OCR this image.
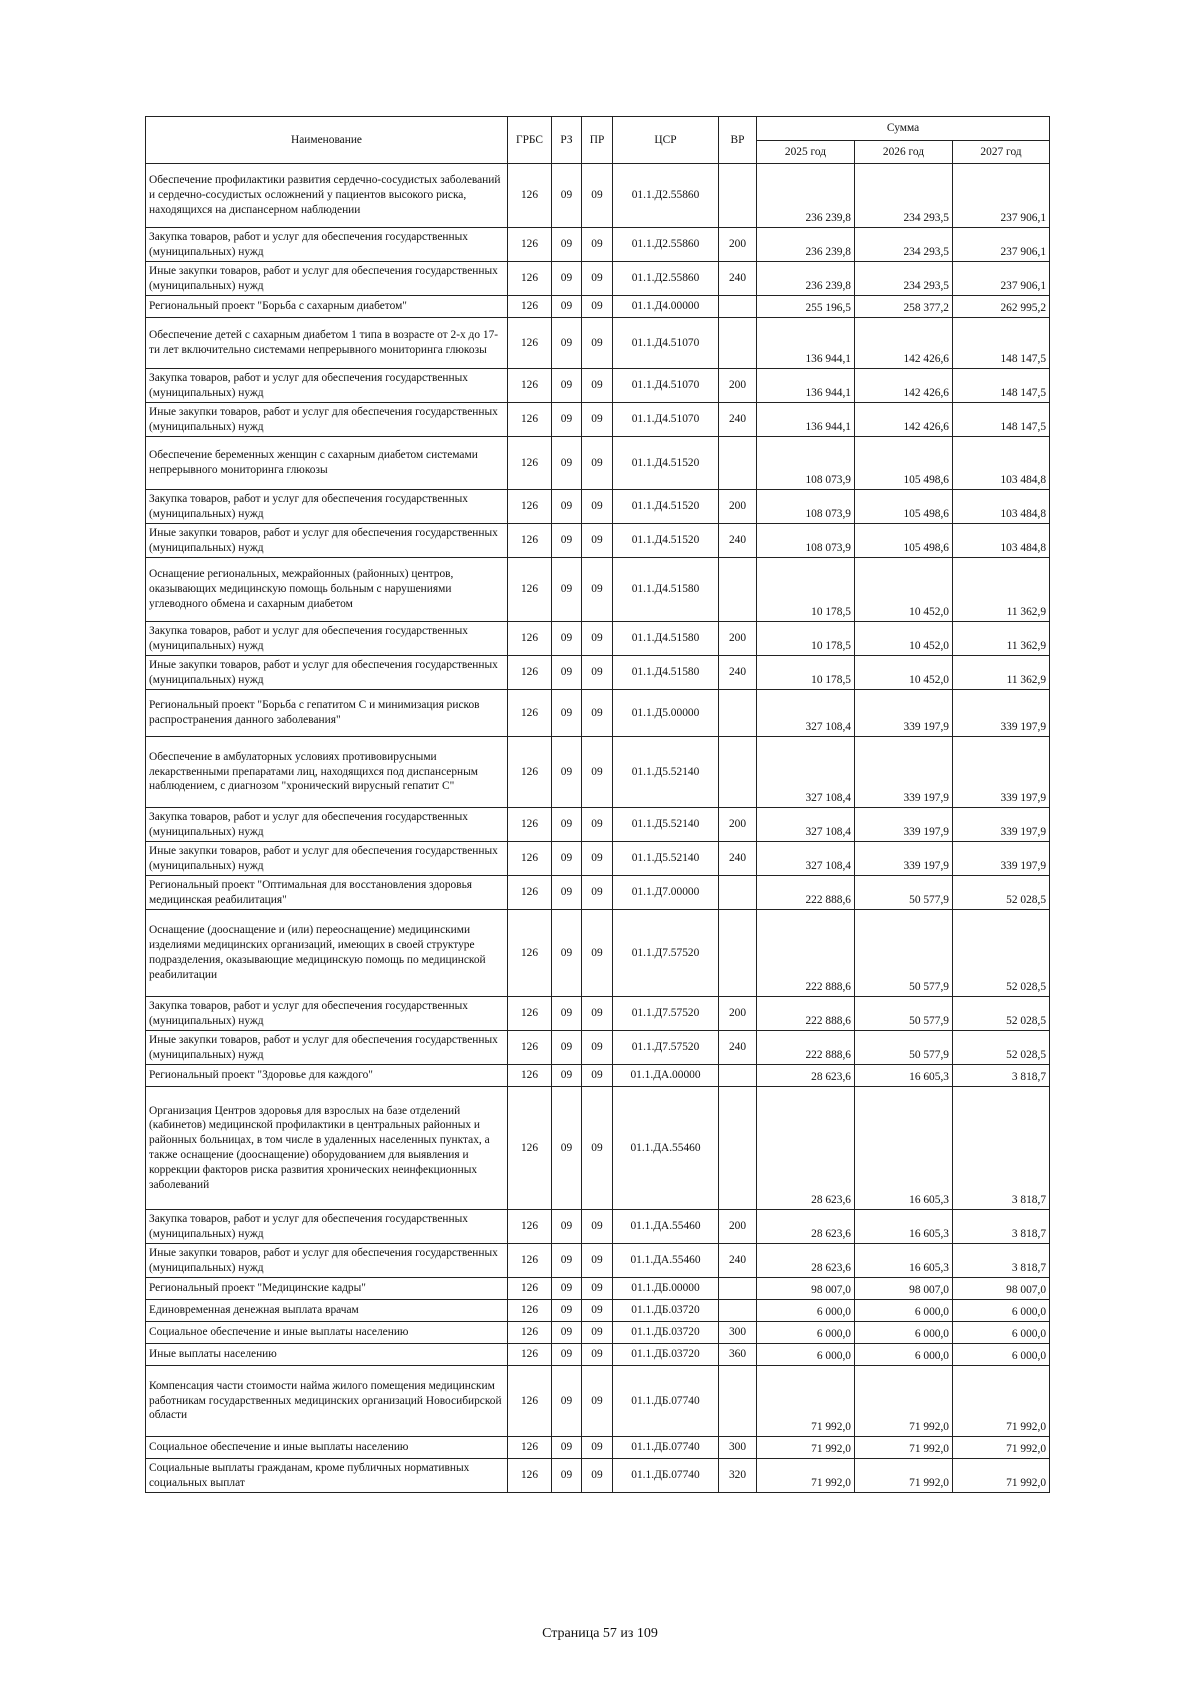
Наименование	ГРБС	РЗ	ПР	ЦСР	ВР	Сумма		
						2025 год	2026 год	2027 год
Обеспечение профилактики развития сердечно-сосудистых заболеваний и сердечно-сосудистых осложнений у пациентов высокого риска, находящихся на диспансерном наблюдении	126	09	09	01.1.Д2.55860		236 239,8	234 293,5	237 906,1
Закупка товаров, работ и услуг для обеспечения государственных (муниципальных) нужд	126	09	09	01.1.Д2.55860	200	236 239,8	234 293,5	237 906,1
Иные закупки товаров, работ и услуг для обеспечения государственных (муниципальных) нужд	126	09	09	01.1.Д2.55860	240	236 239,8	234 293,5	237 906,1
Региональный проект "Борьба с сахарным диабетом"	126	09	09	01.1.Д4.00000		255 196,5	258 377,2	262 995,2
Обеспечение детей с сахарным диабетом 1 типа в возрасте от 2-х до 17-ти лет включительно системами непрерывного мониторинга глюкозы	126	09	09	01.1.Д4.51070		136 944,1	142 426,6	148 147,5
Закупка товаров, работ и услуг для обеспечения государственных (муниципальных) нужд	126	09	09	01.1.Д4.51070	200	136 944,1	142 426,6	148 147,5
Иные закупки товаров, работ и услуг для обеспечения государственных (муниципальных) нужд	126	09	09	01.1.Д4.51070	240	136 944,1	142 426,6	148 147,5
Обеспечение беременных женщин с сахарным диабетом системами непрерывного мониторинга глюкозы	126	09	09	01.1.Д4.51520		108 073,9	105 498,6	103 484,8
Закупка товаров, работ и услуг для обеспечения государственных (муниципальных) нужд	126	09	09	01.1.Д4.51520	200	108 073,9	105 498,6	103 484,8
Иные закупки товаров, работ и услуг для обеспечения государственных (муниципальных) нужд	126	09	09	01.1.Д4.51520	240	108 073,9	105 498,6	103 484,8
Оснащение региональных, межрайонных (районных) центров, оказывающих медицинскую помощь больным с нарушениями углеводного обмена и сахарным диабетом	126	09	09	01.1.Д4.51580		10 178,5	10 452,0	11 362,9
Закупка товаров, работ и услуг для обеспечения государственных (муниципальных) нужд	126	09	09	01.1.Д4.51580	200	10 178,5	10 452,0	11 362,9
Иные закупки товаров, работ и услуг для обеспечения государственных (муниципальных) нужд	126	09	09	01.1.Д4.51580	240	10 178,5	10 452,0	11 362,9
Региональный проект "Борьба с гепатитом С и минимизация рисков распространения данного заболевания"	126	09	09	01.1.Д5.00000		327 108,4	339 197,9	339 197,9
Обеспечение в амбулаторных условиях противовирусными лекарственными препаратами лиц, находящихся под диспансерным наблюдением, с диагнозом "хронический вирусный гепатит С"	126	09	09	01.1.Д5.52140		327 108,4	339 197,9	339 197,9
Закупка товаров, работ и услуг для обеспечения государственных (муниципальных) нужд	126	09	09	01.1.Д5.52140	200	327 108,4	339 197,9	339 197,9
Иные закупки товаров, работ и услуг для обеспечения государственных (муниципальных) нужд	126	09	09	01.1.Д5.52140	240	327 108,4	339 197,9	339 197,9
Региональный проект "Оптимальная для восстановления здоровья медицинская реабилитация"	126	09	09	01.1.Д7.00000		222 888,6	50 577,9	52 028,5
Оснащение (дооснащение и (или) переоснащение) медицинскими изделиями медицинских организаций, имеющих в своей структуре подразделения, оказывающие медицинскую помощь по медицинской реабилитации	126	09	09	01.1.Д7.57520		222 888,6	50 577,9	52 028,5
Закупка товаров, работ и услуг для обеспечения государственных (муниципальных) нужд	126	09	09	01.1.Д7.57520	200	222 888,6	50 577,9	52 028,5
Иные закупки товаров, работ и услуг для обеспечения государственных (муниципальных) нужд	126	09	09	01.1.Д7.57520	240	222 888,6	50 577,9	52 028,5
Региональный проект "Здоровье для каждого"	126	09	09	01.1.ДА.00000		28 623,6	16 605,3	3 818,7
Организация Центров здоровья для взрослых на базе отделений (кабинетов) медицинской профилактики в центральных районных и районных больницах, в том числе в удаленных населенных пунктах, а также оснащение (дооснащение) оборудованием для выявления и коррекции факторов риска развития хронических неинфекционных заболеваний	126	09	09	01.1.ДА.55460		28 623,6	16 605,3	3 818,7
Закупка товаров, работ и услуг для обеспечения государственных (муниципальных) нужд	126	09	09	01.1.ДА.55460	200	28 623,6	16 605,3	3 818,7
Иные закупки товаров, работ и услуг для обеспечения государственных (муниципальных) нужд	126	09	09	01.1.ДА.55460	240	28 623,6	16 605,3	3 818,7
Региональный проект "Медицинские кадры"	126	09	09	01.1.ДБ.00000		98 007,0	98 007,0	98 007,0
Единовременная денежная выплата врачам	126	09	09	01.1.ДБ.03720		6 000,0	6 000,0	6 000,0
Социальное обеспечение и иные выплаты населению	126	09	09	01.1.ДБ.03720	300	6 000,0	6 000,0	6 000,0
Иные выплаты населению	126	09	09	01.1.ДБ.03720	360	6 000,0	6 000,0	6 000,0
Компенсация части стоимости найма жилого помещения медицинским работникам государственных медицинских организаций Новосибирской области	126	09	09	01.1.ДБ.07740		71 992,0	71 992,0	71 992,0
Социальное обеспечение и иные выплаты населению	126	09	09	01.1.ДБ.07740	300	71 992,0	71 992,0	71 992,0
Социальные выплаты гражданам, кроме публичных нормативных социальных выплат	126	09	09	01.1.ДБ.07740	320	71 992,0	71 992,0	71 992,0
Страница 57 из 109
